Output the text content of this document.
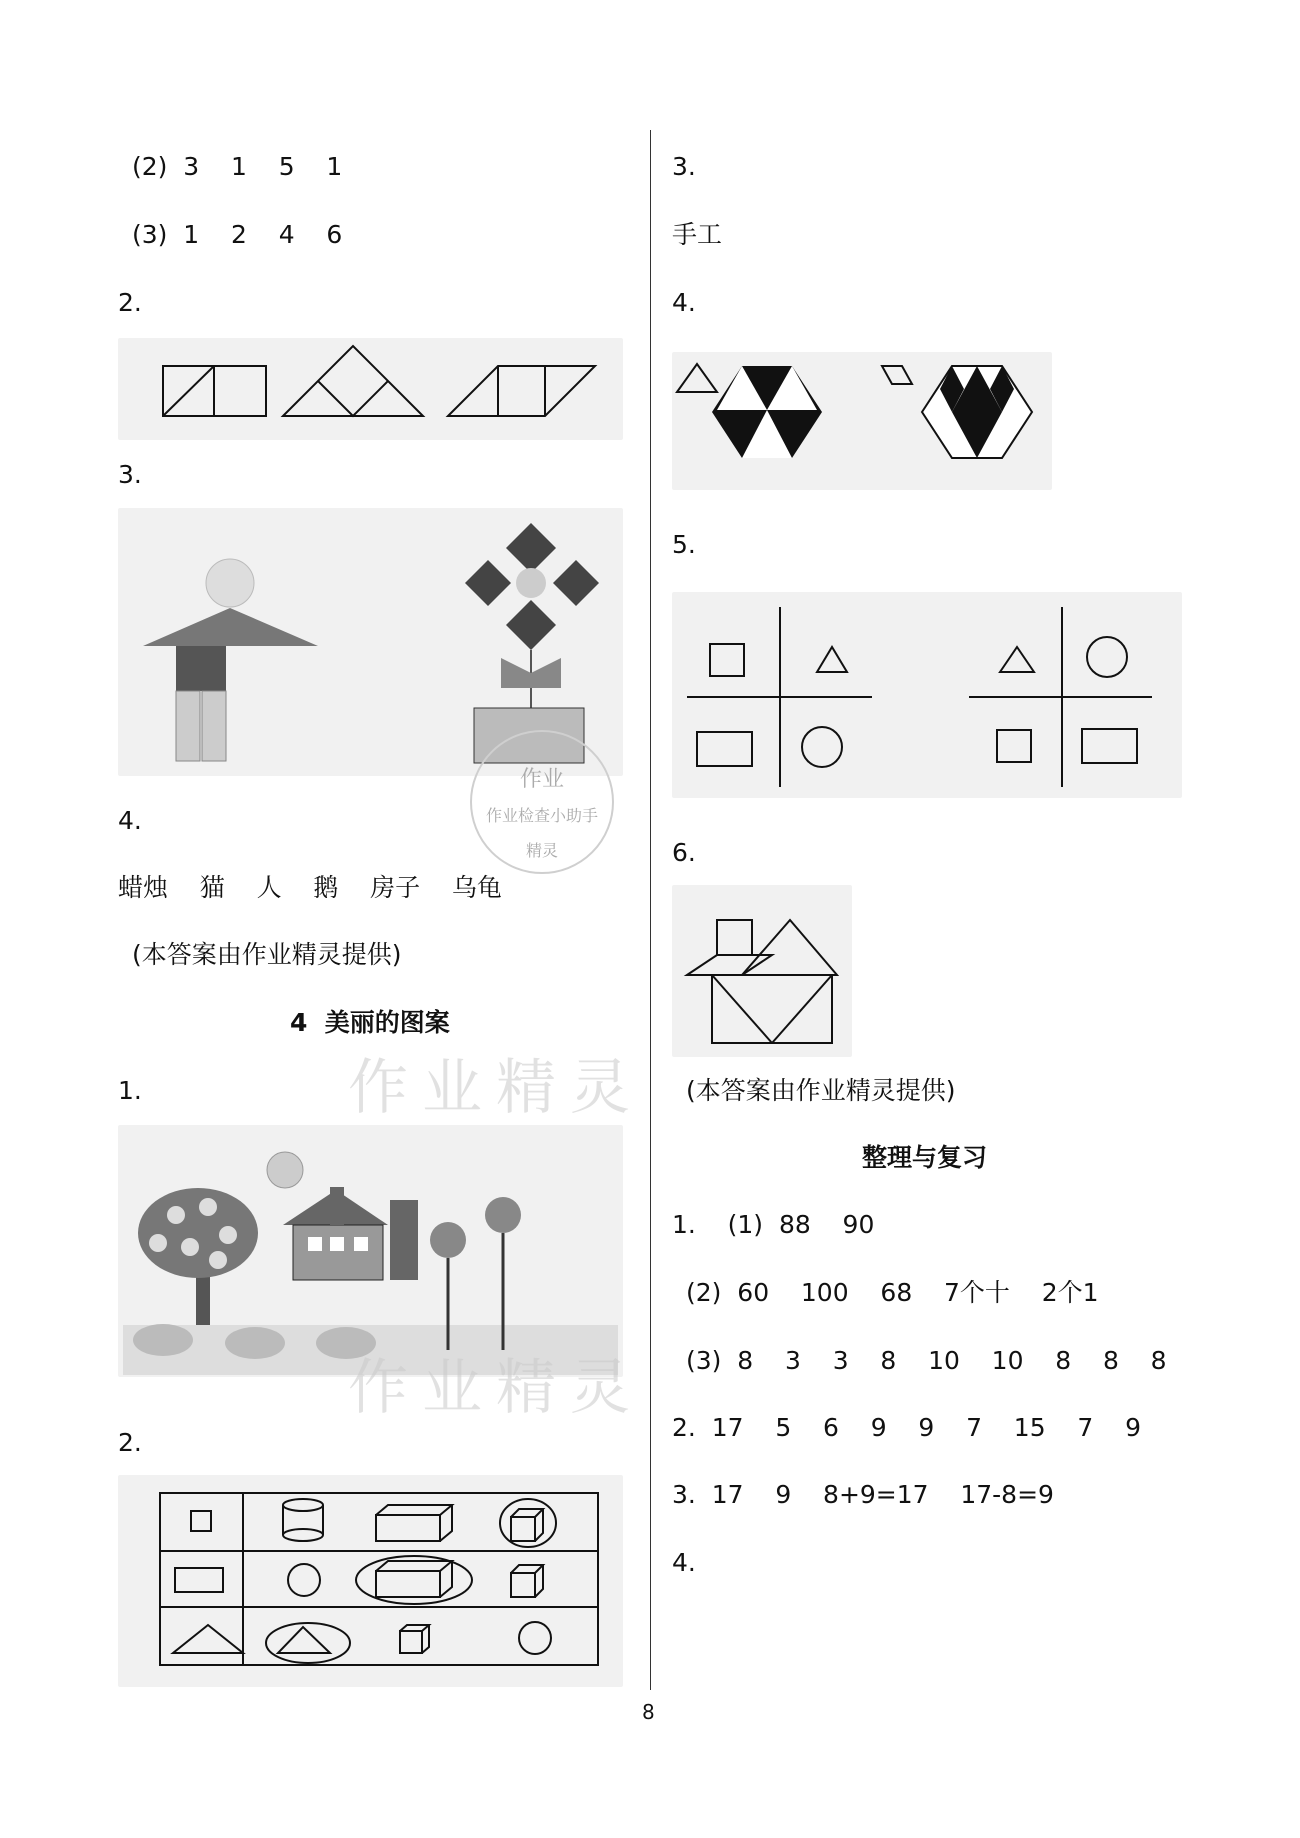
(2)  3    1    5    1
(3)  1    2    4    6
2.
3.
作业
作业检查小助手
精灵
4.
蜡烛    猫    人    鹅    房子    乌龟
(本答案由作业精灵提供)
4  美丽的图案
1.
2.
作业精灵
作业精灵
3.
手工
4.
5.
6.
(本答案由作业精灵提供)
整理与复习
1.    (1)  88    90
(2)  60    100    68    7个十    2个1
(3)  8    3    3    8    10    10    8    8    8
2.  17    5    6    9    9    7    15    7    9
3.  17    9    8+9=17    17-8=9
4.
8
